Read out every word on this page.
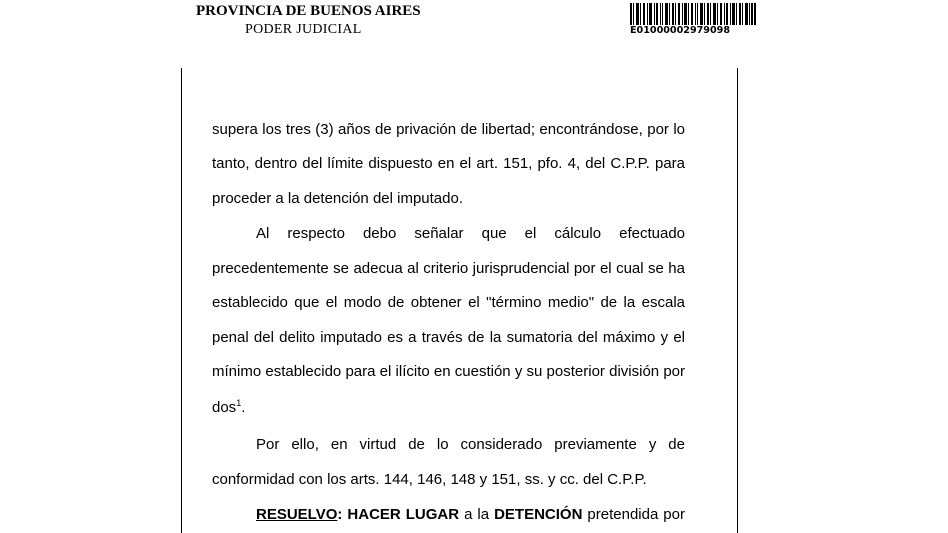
PROVINCIA DE BUENOS AIRES
PODER JUDICIAL	E01000002979098
supera los tres (3) años de privación de libertad; encontrándose, por lo
tanto, dentro del límite dispuesto en el art. 151, pfo. 4, del C.P.P. para
proceder a la detención del imputado.
Al respecto debo señalar que el cálculo efectuado
precedentemente se adecua al criterio jurisprudencial por el cual se ha
establecido que el modo de obtener el "término medio" de la escala
penal del delito imputado es a través de la sumatoria del máximo y el
mínimo establecido para el ilícito en cuestión y su posterior división por
dos$^1$.
Por ello, en virtud de lo considerado previamente y de
conformidad con los arts. 144, 146, 148 y 151, ss. y cc. del C.P.P.
RESUELVO: HACER LUGAR a la DETENCIÓN pretendida por
